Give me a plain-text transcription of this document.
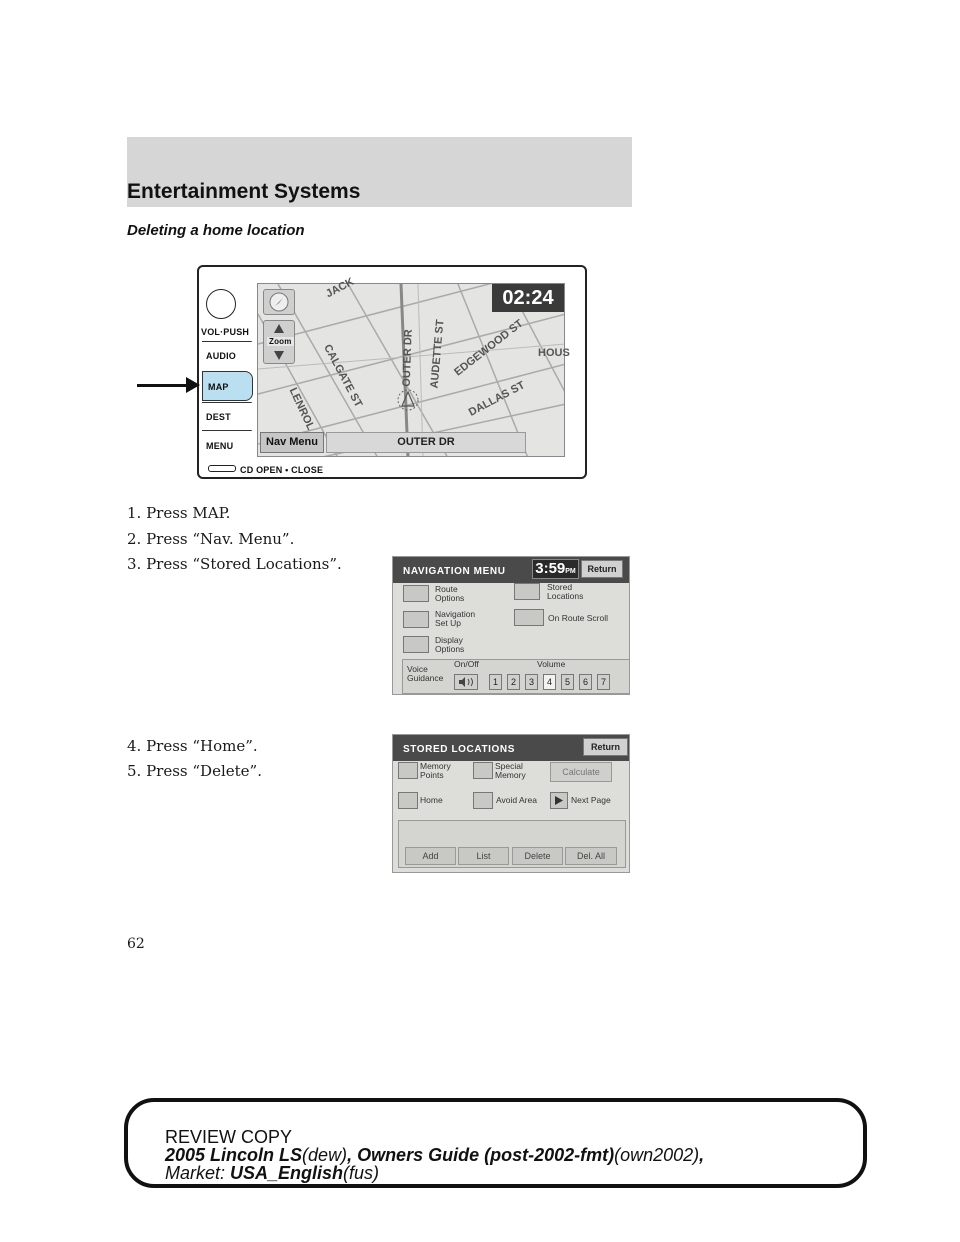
Entertainment Systems
Deleting a home location
VOL·PUSH
AUDIO
MAP
DEST
MENU
CD OPEN • CLOSE
JACK
OUTER DR AUDETTE ST EDGEWOOD ST HOUS
CALGATE ST
LENROL	DALLAS ST
Zoom
02:24
Nav Menu	OUTER DR
1. Press MAP.
2. Press “Nav. Menu”.
3. Press “Stored Locations”.
4. Press “Home”.
5. Press “Delete”.
NAVIGATION MENU 3:59PM	Return
Route
Options
Navigation
Set Up
Display
Options
Stored
Locations
On Route Scroll
Voice
Guidance
On/Off	Volume
1	2	3	4	5	6	7
STORED LOCATIONS	Return
Memory
Points
Special
Memory	Calculate
Home	Avoid Area	Next Page
Add	List	Delete	Del. All
62
REVIEW COPY
2005 Lincoln LS(dew), Owners Guide (post-2002-fmt)(own2002),
Market: USA_English(fus)
